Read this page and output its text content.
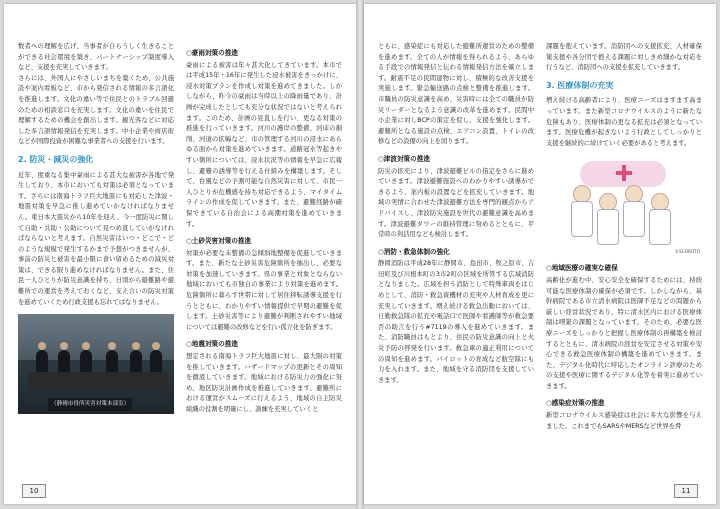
数者への理解を広げ、当事者が自らうしく生きることができる社会環境を築き、パートナーシップ制度導入など、支援を充実していきます。

さらには、外国人にやさしいまちを築くため、公共施設や案内看板など、市から発信される情報の多言語化を推進します。文化の違い等で住民とのトラブル回避のための相談窓口を充実します。文化の違いを住民で理解するための機会を創出します。観光客などに対応した多言語情報発信を充実します。中小企業や商店街などが国際投資が困難な事業者への支援を行います。

2. 防災・減災の強化

近年、度重なる集中豪雨による甚大な被害が各地で発生しており、本市においても対策は必須となっています。さらには南海トラフ巨大地震にも対応した津波・地震対策を早急に推し進めていかなければなりません。東日本大震災から10年を迎え、今一度防災に関して自助・共助・公助について見つめ直していかなければならないと考えます。自然災害はいつ・どこで・どのような規模で発生するかまで予想がつきませんが、事前の防災と被害を最小限に食い留めるための減災対策は、できる限り進めなければなりません。また、住民一人ひとりが防災意識を持ち、日頃から避難路や避難所での運営を考えておくなど、支え合いの防災対策を進めていくため行政支援も忘れてはなりません。

（静岡市役所災害対策本部室）
○豪雨対策の推進

豪雨による被害は年々甚大化してきています。本市では平成15年・16年に発生した浸水被害をきっかけに、浸水対策プランを作成し対策を進めてきました。しかしながら、昨今の豪雨は当時以上の降雨量であり、計画が完成したとしても充分な状況ではないと考えられます。このため、計画の見直しを行い、更なる対策の推進を行っていきます。河川の護岸の整備、河床の掘削、河道の拡幅など、市の管理する河川の浸水にあらゆる面から対策を進めていきます。道路冠水等起きやすい箇所については、浸水状況等の情報を早急に広報し、避難の誘導等を行える仕組みを構築します。そして、台風などの予測可能な自然災害に対して、市民一人ひとりが危機感を持ち対応できるよう、マイタイムラインの作成を促していきます。また、避難経路が確保できている自治会による高潮対策を進めていきます。

○土砂災害対策の推進

対策が必要な未整備の急傾斜地整備を促進していきます。また、新たな土砂災害危険箇所を抽出し、必要な対策を加速していきます。県の事業と対象とならない地域においても市独自の事業により対策を進めます。危険箇所に暮らす世帯に対して居住移転誘導支援を行うとともに、わかりやすい情報提供で早期の避難を促します。土砂災害等により避難が判断されやすい地域については避難の改修などを行い孤立化を防ぎます。

○地震対策の推進

想定される南海トラフ巨大地震に対し、最大限の対策を推していきます。ハザードマップの更新とその周知を徹底していきます。地域における防災力の強化に努め、地区防災計画作成を推進していきます。避難所における運営がスムーズに行えるよう、地域の自主防災組織の役割を明確にし、訓練を充実していくと

10

ともに、感染症にも対応した避難所運営のための整備を進めます。全ての人が情報を得られるよう、あらゆる手段での情報発信と伝わる情報発信方法を確立します。耐震不足の民間建物に対し、積極的な改善支援を実施します。緊急輸送路の点検と整備を推進します。市職員の防災意識を高め、災害時には全ての職員が防災リーダーとなるよう意識の改革を進めます。民間中小企業に対しBCPの策定を促し、支援を強化します。避難所となる施設の点検、エアコン設置、トイレの改修などの設備の向上を図ります。

○津波対策の推進

防災の拡充により、津波避難ビルの指定をさらに進めていきます。津波避難施設へのわかりやすい誘導ができるよう、案内板の設置などを拡充していきます。地域の実情に合わせた津波避難方法を専門的観点からアドバイスし、津波防災施設を世代の避難意識を高めます。津波避難タワーの維持管理に努めるとともに、平常時の利活用なども検討します。

○消防・救急体制の強化

静岡消防は平成28年に静岡市、島田市、牧之原市、吉田町及び川根本町の3市2町の区域を所管する広域消防となりました。広域を担う消防として特殊車両をはじめとして、消防・救急資機材の充実や人材育成を更に充実していきます。増え続ける救急出動においては、日勤救急隊の拡充や電話口で医師や看護師等が救急要否の助言を行う#7119の導入を進めていきます。また、消防職員はもとより、住民の防災意識の向上と火災予防の啓発を行います。救急車の適正利用についての周知を進めます。パイロットの育成など航空隊にも力を入れます。また、地域を守る消防団を支援していきます。

課題を抱えています。消防団への支援拡充、人材確保策支援や各分団で抱える課題に対しきめ細かな対応を行うなど、消防団への支援を拡充していきます。

3. 医療体制の充実

増え続ける高齢者により、医療ニーズはますます高まっています。また新型コロナウイルスのように新たな危険もあり、医療体制の更なる拡充は必須となっています。医療危機が起きないよう行政としてしっかりと支援を継続的に続けていく必要があると考えます。

©SCOROTO
○地域医療の確実な確保

高齢化が進む中、安心安全を確保するためには、持続可能な医療体制の確保が必須です。しかしながら、基幹病院である市立清水病院は医師不足などの問題から厳しい経営状況であり、特に清水区内における医療体制は喫緊の課題となっています。そのため、必要な医療ニーズをしっかりと把握し医療体制の再構築を検討するとともに、清水病院の経営を安定させる対策や安心できる救急医療体制の構築を進めていきます。また、デジタル化時代に呼応したオンライン診療のための支援や医療に関するデジタル化等を着実に進めていきます。

○感染症対策の推進

新型コロナウイルス感染症は社会に多大な影響を与えました。これまでもSARSやMERSなど世界を脅

11
